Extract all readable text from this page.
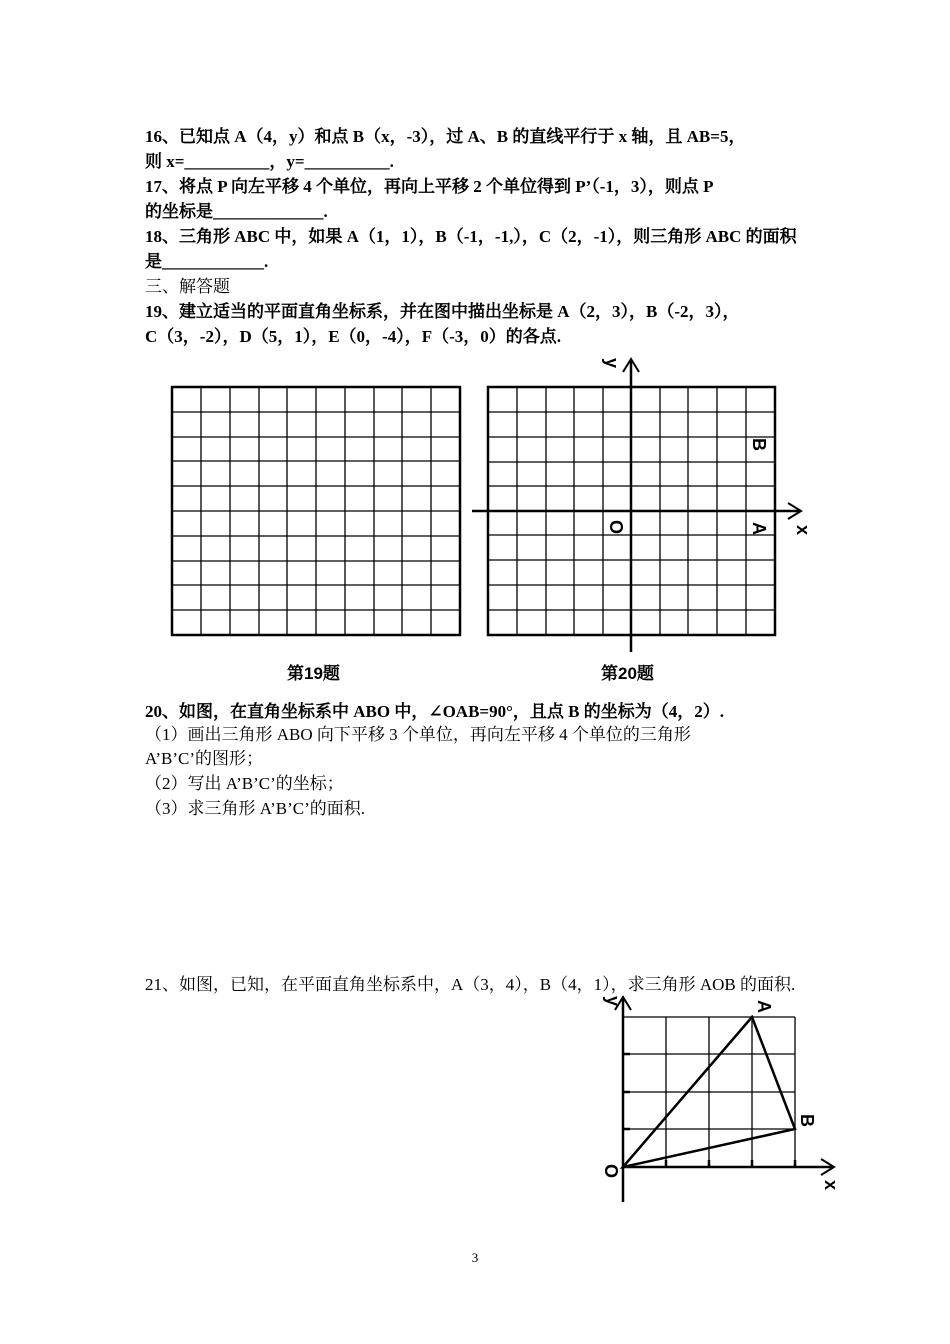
16、已知点 A（4，y）和点 B（x，-3），过 A、B 的直线平行于 x 轴，且 AB=5，
则 x=__________，y=__________.
17、将点 P 向左平移 4 个单位，再向上平移 2 个单位得到 P’（-1，3），则点 P
的坐标是_____________.
18、三角形 ABC 中，如果 A（1，1），B（-1，-1,），C（2，-1），则三角形 ABC 的面积
是____________.
三、解答题
19、建立适当的平面直角坐标系，并在图中描出坐标是 A（2，3），B（-2，3），
C（3，-2），D（5，1），E（0，-4），F（-3，0）的各点.
第19题
x
y
O	A
B
第20题
20、如图，在直角坐标系中 ABO 中，∠OAB=90°，且点 B 的坐标为（4，2）.
（1）画出三角形 ABO 向下平移 3 个单位，再向左平移 4 个单位的三角形
A’B’C’的图形；
（2）写出 A’B’C’的坐标；
（3）求三角形 A’B’C’的面积.
21、如图，已知，在平面直角坐标系中，A（3，4），B（4，1），求三角形 AOB 的面积.
x
y
O
A
B
3
